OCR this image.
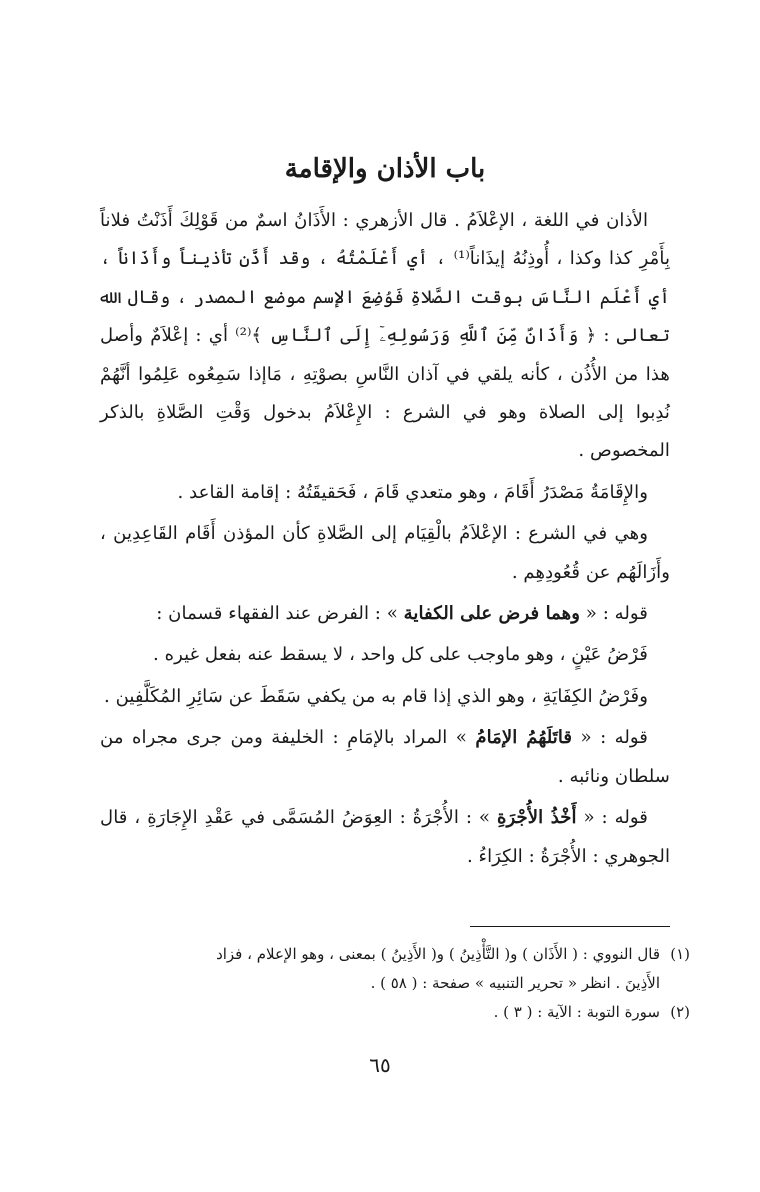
باب الأذان والإقامة

الأذان في اللغة ، الإعْلاَمُ . قال الأزهري : الأَذَانُ اسمٌ من قَوْلِكَ أَذَنْتُ فلاناً بِأَمْرِ كذا وكذا ، أُوذِنُهُ إيذَاناً⁽¹⁾ ، أي أَعْلَمْتُهُ ، وقد أَذَّن تأذيناً وأَذَاناً ، أي أَعْلَم النَّاسَ بوقت الصَّلاةِ فَوُضِعَ الإسم موضع المصدر ، وقال الله تعالى : ﴿ وَأَذَانٌ مِّنَ ٱللَّهِ وَرَسُولِهِۦٓ إِلَى ٱلنَّاسِ ﴾⁽²⁾ أي : إعْلاَمٌ وأصل هذا من الأُذُن ، كأنه يلقي في آذان النَّاسِ بصوْتِهِ ، مَاإذا سَمِعُوه عَلِمُوا أنَّهُمْ نُدِبوا إلى الصلاة وهو في الشرع : الإِعْلاَمُ بدخول وَقْتِ الصَّلاةِ بالذكر المخصوص .

والإِقَامَةُ مَصْدَرُ أَقَامَ ، وهو متعدي قَامَ ، فَحَقيقَتُهُ : إقامة القاعد .

وهي في الشرع : الإعْلاَمُ بالْقِيَام إلى الصَّلاةِ كأن المؤذن أَقَام القَاعِدِين ، وأَزَالَهُم عن قُعُودِهِم .

قوله : « وهما فرض على الكفاية » : الفرض عند الفقهاء قسمان :

فَرْضُ عَيْنٍ ، وهو ماوجب على كل واحد ، لا يسقط عنه بفعل غيره .

وفَرْضُ الكِفَايَةِ ، وهو الذي إذا قام به من يكفي سَقَطَ عن سَائِرِ المُكَلَّفِين .

قوله : « قاتَلَهُمُ الإمَامُ » المراد بالإمَامِ : الخليفة ومن جرى مجراه من سلطان ونائبه .

قوله : « أَخْذُ الأُجْرَةِ » : الأُجْرَةُ : العِوَضُ المُسَمَّى في عَقْدِ الإِجَارَةِ ، قال الجوهري : الأُجْرَةُ : الكِرَاءُ .

(١)قال النووي : ( الأَذَان ) و( التَّأْذِينُ ) و( الأَذِينُ ) بمعنى ، وهو الإعلام ، فزاد
الأَذِينَ . انظر « تحرير التنبيه » صفحة : ( ٥٨ ) .

(٢)سورة التوبة : الآية : ( ٣ ) .

٦٥
